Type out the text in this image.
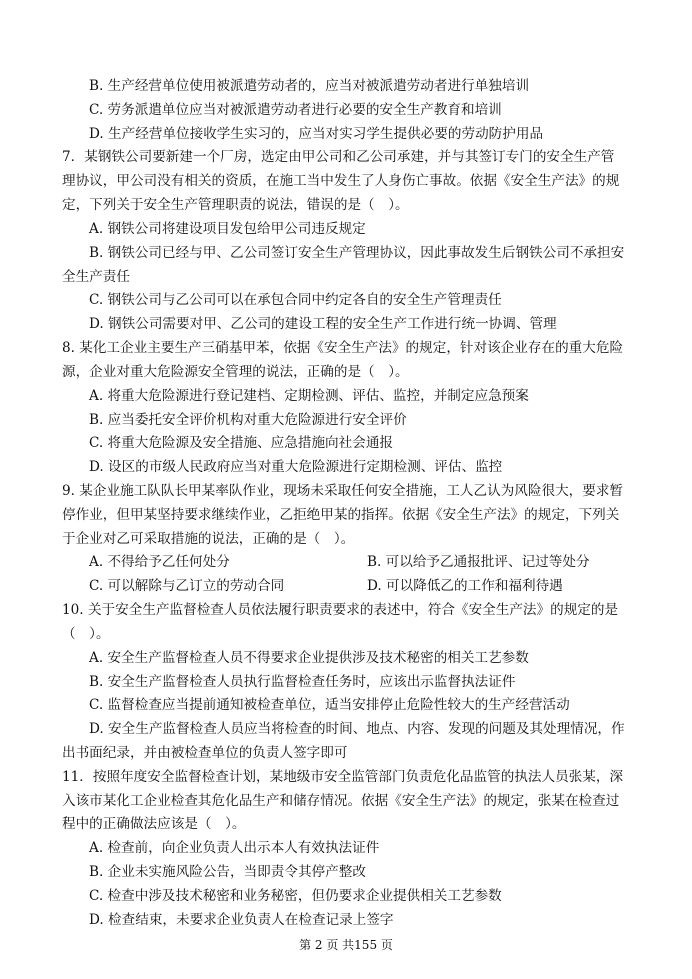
B. 生产经营单位使用被派遣劳动者的，应当对被派遣劳动者进行单独培训
C. 劳务派遣单位应当对被派遣劳动者进行必要的安全生产教育和培训
D. 生产经营单位接收学生实习的，应当对实习学生提供必要的劳动防护用品
7．某钢铁公司要新建一个厂房，选定由甲公司和乙公司承建，并与其签订专门的安全生产管
理协议，甲公司没有相关的资质，在施工当中发生了人身伤亡事故。依据《安全生产法》的规
定，下列关于安全生产管理职责的说法，错误的是（　）。
A. 钢铁公司将建设项目发包给甲公司违反规定
B. 钢铁公司已经与甲、乙公司签订安全生产管理协议，因此事故发生后钢铁公司不承担安
全生产责任
C. 钢铁公司与乙公司可以在承包合同中约定各自的安全生产管理责任
D. 钢铁公司需要对甲、乙公司的建设工程的安全生产工作进行统一协调、管理
8. 某化工企业主要生产三硝基甲苯，依据《安全生产法》的规定，针对该企业存在的重大危险
源，企业对重大危险源安全管理的说法，正确的是（　）。
A. 将重大危险源进行登记建档、定期检测、评估、监控，并制定应急预案
B. 应当委托安全评价机构对重大危险源进行安全评价
C. 将重大危险源及安全措施、应急措施向社会通报
D. 设区的市级人民政府应当对重大危险源进行定期检测、评估、监控
9. 某企业施工队队长甲某率队作业，现场未采取任何安全措施，工人乙认为风险很大，要求暂
停作业，但甲某坚持要求继续作业，乙拒绝甲某的指挥。依据《安全生产法》的规定，下列关
于企业对乙可采取措施的说法，正确的是（　）。
A. 不得给予乙任何处分	B. 可以给予乙通报批评、记过等处分
C. 可以解除与乙订立的劳动合同	D. 可以降低乙的工作和福利待遇
10. 关于安全生产监督检查人员依法履行职责要求的表述中，符合《安全生产法》的规定的是
（　）。
A. 安全生产监督检查人员不得要求企业提供涉及技术秘密的相关工艺参数
B. 安全生产监督检查人员执行监督检查任务时，应该出示监督执法证件
C. 监督检查应当提前通知被检查单位，适当安排停止危险性较大的生产经营活动
D. 安全生产监督检查人员应当将检查的时间、地点、内容、发现的问题及其处理情况，作
出书面纪录，并由被检查单位的负责人签字即可
11．按照年度安全监督检查计划，某地级市安全监管部门负责危化品监管的执法人员张某，深
入该市某化工企业检查其危化品生产和储存情况。依据《安全生产法》的规定，张某在检查过
程中的正确做法应该是（　）。
A. 检查前，向企业负责人出示本人有效执法证件
B. 企业未实施风险公告，当即责令其停产整改
C. 检查中涉及技术秘密和业务秘密，但仍要求企业提供相关工艺参数
D. 检查结束，未要求企业负责人在检查记录上签字
第 2 页 共155 页
